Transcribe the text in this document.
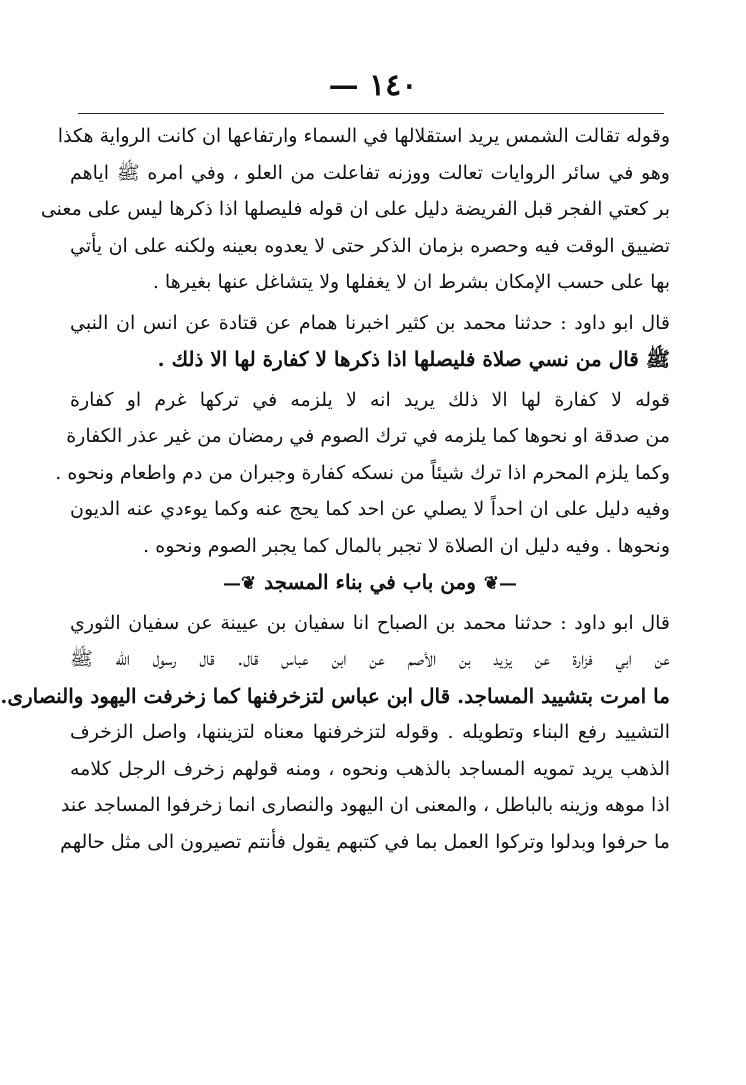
١٤٠ —
وقوله تقالت الشمس يريد استقلالها في السماء وارتفاعها ان كانت الرواية هكذا
وهو في سائر الروايات تعالت ووزنه تفاعلت من العلو ، وفي امره ﷺ اياهم
بر كعتي الفجر قبل الفريضة دليل على ان قوله فليصلها اذا ذكرها ليس على معنى
تضييق الوقت فيه وحصره بزمان الذكر حتى لا يعدوه بعينه ولكنه على ان يأتي
بها على حسب الإمكان بشرط ان لا يغفلها ولا يتشاغل عنها بغيرها .
قال ابو داود : حدثنا محمد بن كثير اخبرنا همام عن قتادة عن انس ان النبي
ﷺ قال من نسي صلاة فليصلها اذا ذكرها لا كفارة لها الا ذلك .
قوله لا كفارة لها الا ذلك يريد انه لا يلزمه في تركها غرم او كفارة
من صدقة او نحوها كما يلزمه في ترك الصوم في رمضان من غير عذر الكفارة
وكما يلزم المحرم اذا ترك شيئاً من نسكه كفارة وجبران من دم واطعام ونحوه .
وفيه دليل على ان احداً لا يصلي عن احد كما يحج عنه وكما يوءدي عنه الديون
ونحوها . وفيه دليل ان الصلاة لا تجبر بالمال كما يجبر الصوم ونحوه .
—❦ومن باب في بناء المسجد❦—
قال ابو داود : حدثنا محمد بن الصباح انا سفيان بن عيينة عن سفيان الثوري
عن ابي فزارة عن يزيد بن الأصم عن ابن عباس قال. قال رسول الله ﷺ
ما امرت بتشييد المساجد. قال ابن عباس لتزخرفنها كما زخرفت اليهود والنصارى.
التشييد رفع البناء وتطويله . وقوله لتزخرفنها معناه لتزيننها، واصل الزخرف
الذهب يريد تمويه المساجد بالذهب ونحوه ، ومنه قولهم زخرف الرجل كلامه
اذا موهه وزينه بالباطل ، والمعنى ان اليهود والنصارى انما زخرفوا المساجد عند
ما حرفوا وبدلوا وتركوا العمل بما في كتبهم يقول فأنتم تصيرون الى مثل حالهم
